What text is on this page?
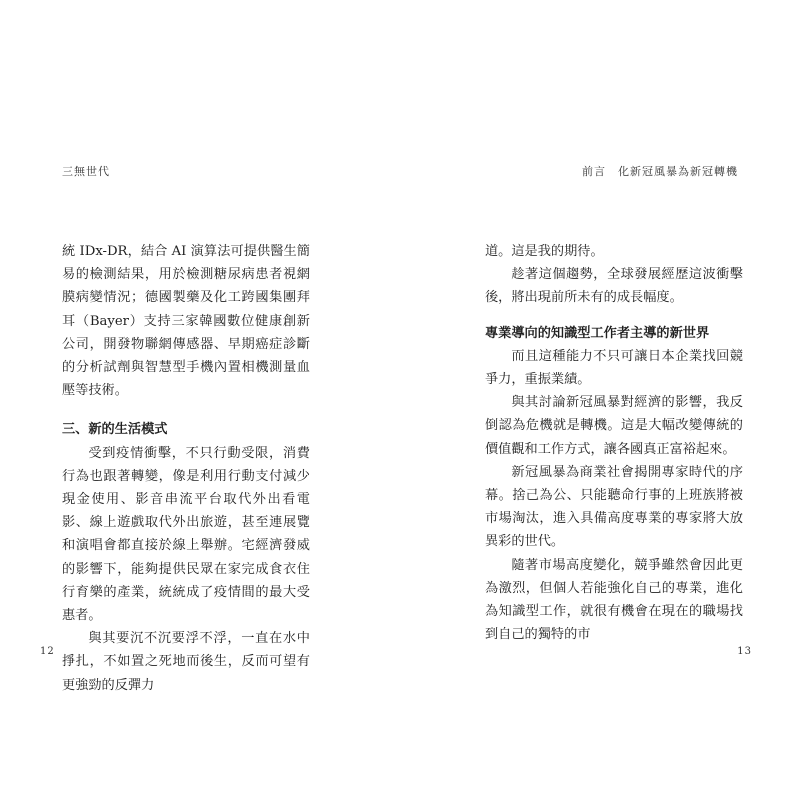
三無世代

統 IDx-DR，結合 AI 演算法可提供醫生簡易的檢測結果，用於檢測糖尿病患者視網膜病變情況；德國製藥及化工跨國集團拜耳（Bayer）支持三家韓國數位健康創新公司，開發物聯網傳感器、早期癌症診斷的分析試劑與智慧型手機內置相機測量血壓等技術。

三、新的生活模式

受到疫情衝擊，不只行動受限，消費行為也跟著轉變，像是利用行動支付減少現金使用、影音串流平台取代外出看電影、線上遊戲取代外出旅遊，甚至連展覽和演唱會都直接於線上舉辦。宅經濟發威的影響下，能夠提供民眾在家完成食衣住行育樂的產業，統統成了疫情間的最大受惠者。

與其要沉不沉要浮不浮，一直在水中掙扎，不如置之死地而後生，反而可望有更強勁的反彈力

12
前言 化新冠風暴為新冠轉機

道。這是我的期待。

趁著這個趨勢，全球發展經歷這波衝擊後，將出現前所未有的成長幅度。

專業導向的知識型工作者主導的新世界

而且這種能力不只可讓日本企業找回競爭力，重振業績。

與其討論新冠風暴對經濟的影響，我反倒認為危機就是轉機。這是大幅改變傳統的價值觀和工作方式，讓各國真正富裕起來。

新冠風暴為商業社會揭開專家時代的序幕。捨己為公、只能聽命行事的上班族將被市場淘汰，進入具備高度專業的專家將大放異彩的世代。

隨著市場高度變化，競爭雖然會因此更為激烈，但個人若能強化自己的專業，進化為知識型工作，就很有機會在現在的職場找到自己的獨特的市

13
